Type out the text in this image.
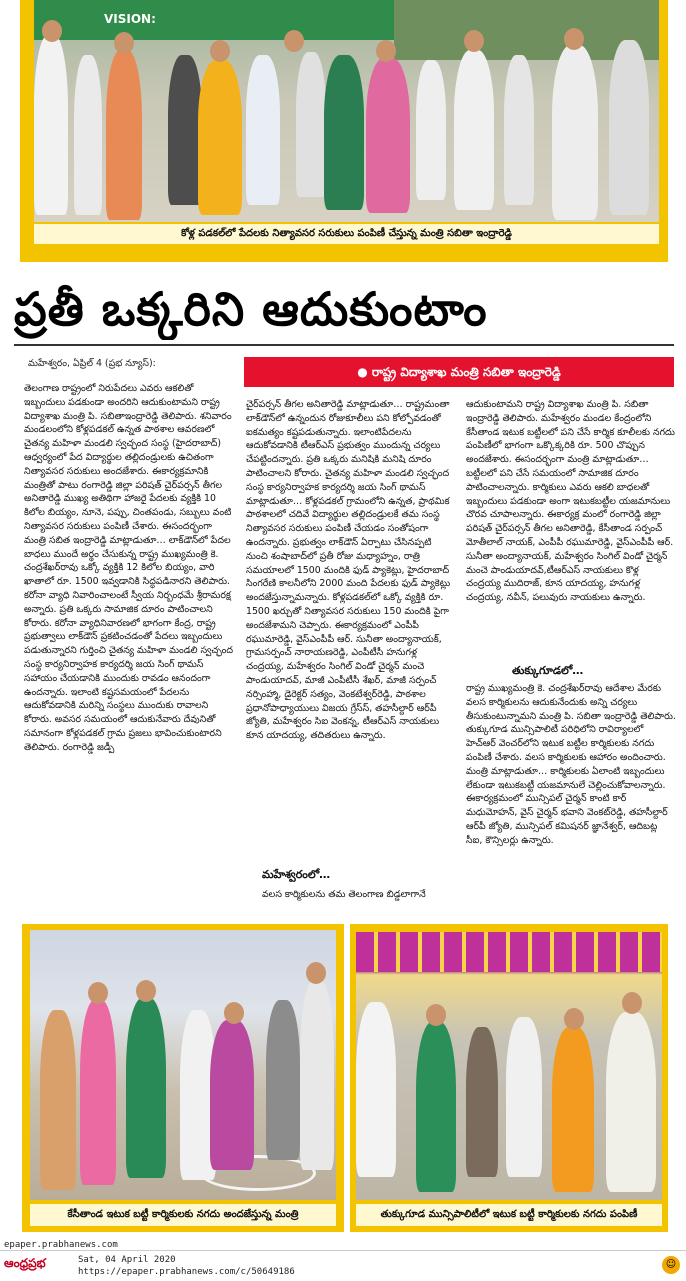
VISION:
కోళ్ల పడకల్‌లో పేదలకు నిత్యావసర సరుకులు పంపిణీ చేస్తున్న మంత్రి సబితా ఇంద్రారెడ్డి
ప్రతీ ఒక్కరిని ఆదుకుంటాం
మహేశ్వరం, ఏప్రిల్ 4 (ప్రభ న్యూస్):
● రాష్ట్ర విద్యాశాఖ మంత్రి సబితా ఇంద్రారెడ్డి
తెలంగాణ రాష్ట్రంలో నిరుపేదలు ఎవరు ఆకలితో ఇబ్బందులు పడకుండా అందరిని ఆదుకుంటామని రాష్ట్ర విద్యాశాఖ మంత్రి పి. సబితాఇంద్రారెడ్డి తెలిపారు. శనివారం మండలంలోని కోళ్లపడకల్ ఉన్నత పాఠశాల ఆవరణలో చైతన్య మహిళా మండలి స్వచ్ఛంద సంస్థ (హైదరాబాద్) ఆధ్వర్యంలో పేద విద్యార్థుల తల్లిదండ్రులకు ఉచితంగా నిత్యావసర సరుకులు అందజేశారు. ఈకార్యక్రమానికి మంత్రితో పాటు రంగారెడ్డి జిల్లా పరిషత్ చైర్‌పర్సన్ తీగల అనితారెడ్డి ముఖ్య అతిథిగా హాజరై పేదలకు వ్యక్తికి 10 కిలోల బియ్యం, నూనె, పప్పు, చింతపండు, సబ్బులు వంటి నిత్యావసర సరుకులు పంపిణీ చేశారు. ఈసందర్భంగా మంత్రి సబిత ఇంద్రారెడ్డి మాట్లాడుతూ… లాక్‌డౌన్‌లో పేదల బాధలు ముందే అర్థం చేసుకున్న రాష్ట్ర ముఖ్యమంత్రి కె. చంద్రశేఖర్‌రావు ఒక్కో వ్యక్తికి 12 కిలోల బియ్యం, వారి ఖాతాలో రూ. 1500 ఇవ్వడానికి సిద్ధపడినారని తెలిపారు. కరోనా వ్యాధి నివారించాలంటే స్వీయ నిర్బంధమే శ్రీరామరక్ష అన్నారు. ప్రతి ఒక్కరు సామాజిక దూరం పాటించాలని కోరారు. కరోనా వ్యాధినివారణలో భాగంగా కేంద్ర, రాష్ట్ర ప్రభుత్వాలు లాక్‌డౌన్ ప్రకటించడంతో పేదలు ఇబ్బందులు పడుతున్నారని గుర్తించి చైతన్య మహిళా మండలి స్వచ్ఛంద సంస్థ కార్యనిర్వాహక కార్యదర్శి జయ సింగ్ థామస్ సహాయం చేయడానికి ముందుకు రావడం ఆనందంగా ఉందన్నారు. ఇలాంటి కష్టసమయంలో పేదలను ఆదుకోవడానికి మరిన్ని సంస్థలు ముందుకు రావాలని కోరారు. అవసర సమయంలో ఆదుకునేవారు దేవునితో సమానంగా కోళ్లపడకల్ గ్రామ ప్రజలు భావించుకుంటారని తెలిపారు. రంగారెడ్డి జడ్పీ
చైర్‌పర్సన్ తీగల అనితారెడ్డి మాట్లాడుతూ… రాష్ట్రమంతా లాక్‌డౌన్‌లో ఉన్నందున రోజుకూలీలు పని కోల్పోవడంతో ఐకమత్యం కష్టపడుతున్నారు. ఇలాంటిపేదలను ఆదుకోవడానికి టీఆర్‌ఎస్ ప్రభుత్వం ముందున్న చర్యలు చేపట్టిందన్నారు. ప్రతి ఒక్కరు మనిషికి మనిషి దూరం పాటించాలని కోరారు. చైతన్య మహిళా మండలి స్వచ్ఛంద సంస్థ కార్యనిర్వాహక కార్యదర్శి జయ సింగ్ థామస్ మాట్లాడుతూ… కోళ్లపడకల్ గ్రామంలోని ఉన్నత, ప్రాథమిక పాఠశాలలో చదివే విద్యార్థుల తల్లిదండ్రులకే తమ సంస్థ నిత్యావసర సరుకులు పంపిణీ చేయడం సంతోషంగా ఉందన్నారు. ప్రభుత్వం లాక్‌డౌన్ ఏర్పాటు చేసినప్పటి నుంచి శంషాబాద్‌లో ప్రతీ రోజు మధ్యాహ్నం, రాత్రి సమయాలలో 1500 మందికి ఫుడ్ ప్యాకెట్లు, హైదరాబాద్ సింగరేణి కాలనీలోని 2000 మంది పేదలకు ఫుడ్ ప్యాకెట్లు అందజేస్తున్నామన్నారు. కోళ్లపడకల్‌లో ఒక్కో వ్యక్తికి రూ. 1500 ఖర్చుతో నిత్యావసర సరుకులు 150 మందికి పైగా అందజేశామని చెప్పారు. ఈకార్యక్రమంలో ఎంపీపీ రఘుమారెడ్డి, వైస్‌ఎంపీపీ ఆర్. సునీతా అంద్యానాయక్, గ్రామసర్పంచ్ నారాయణరెడ్డి, ఎంపీటీసీ హనుగళ్ల చంద్రయ్య, మహేశ్వరం సింగిల్ విండో చైర్మన్ మంచె పాండుయాదవ్, మాజీ ఎంపీటీసీ శేఖర్, మాజీ సర్పంచ్ నర్సింహ్మా, డైరెక్టర్ సత్యం, వెంకటేశ్వర్‌రెడ్డి, పాఠశాల ప్రధానోపాధ్యాయులు విజయ గ్రేస్‌స్, తహసీల్దార్ ఆర్‌పీ జ్యోతి, మహేశ్వరం సిఐ వెంకన్న, టీఆర్‌ఎస్ నాయకులు కూన యాదయ్య, తదితరులు ఉన్నారు.
మహేశ్వరంలో…
వలస కార్మికులను తమ తెలంగాణ బిడ్డలాగానే
ఆదుకుంటామని రాష్ట్ర విద్యాశాఖ మంత్రి పి. సబితా ఇంద్రారెడ్డి తెలిపారు. మహేశ్వరం మండల కేంద్రంలోని కేసీతాండ ఇటుక బట్టీలలో పని చేసే కార్మిక కూలీలకు నగదు పంపిణీలో భాగంగా ఒక్కొక్కరికి రూ. 500 చొప్పున అందజేశారు. ఈసందర్భంగా మంత్రి మాట్లాడుతూ… బట్టీలలో పని చేసే సమయంలో సామాజిక దూరం పాటించాలన్నారు. కార్మికులు ఎవరు ఆకలి బాధలతో ఇబ్బందులు పడకుండా అంగా ఇటుకబట్టీల యజమానులు చొరవ చూపాలన్నారు. ఈకార్యక్ర మంలో రంగారెడ్డి జిల్లా పరిషత్ చైర్‌పర్సన్ తీగల అనితారెడ్డి, కేసీతాండ సర్పంచ్ మోతీలాల్ నాయక్, ఎంపీపీ రఘుమారెడ్డి, వైస్‌ఎంపీపీ ఆర్. సునీతా అంద్యానాయక్, మహేశ్వరం సింగిల్ విండో చైర్మన్ మంచె పాండుయాదవ్,టీఆర్‌ఎస్ నాయకులు కొళ్ల చంద్రయ్య ముదిరాజ్, కూన యాదయ్య, హనుగళ్ల చంద్రయ్య, నవీన్, పలువురు నాయకులు ఉన్నారు.
తుక్కుగూడలో…
రాష్ట్ర ముఖ్యమంత్రి కె. చంద్రశేఖర్‌రావు ఆదేశాల మేరకు వలస కార్మికులను ఆదుకునేందుకు అన్ని చర్యలు తీసుకుంటున్నామని మంత్రి పి. సబితా ఇంద్రారెడ్డి తెలిపారు. తుక్కుగూడ మున్సిపాలిటీ పరిధిలోని రావిర్యాలలో హెచ్ఆర్ వెంచర్‌లోని ఇటుక బట్టీల కార్మికులకు నగదు పంపిణీ చేశారు. వలస కార్మికులకు ఆహారం అందించారు. మంత్రి మాట్లాడుతూ… కార్మికులకు ఏలాంటి ఇబ్బందులు లేకుండా ఇటుకబట్టీ యజమానులే చెల్లించుకోవాలన్నారు. ఈకార్యక్రమంలో మున్సిపల్ చైర్మన్ కాంటి కార్ మధుమోహన్, వైస్ చైర్మన్ భవాని వెంకట్‌రెడ్డి, తహసీల్దార్ ఆర్‌పీ జ్యోతి, మున్సిపల్ కమిషనర్ జ్ఞానేశ్వర్, ఆదిబట్ల సీఐ, కౌన్సిలర్లు ఉన్నారు.
కేసీతాండ ఇటుక బట్టీ కార్మికులకు నగదు అందజేస్తున్న మంత్రి	తుక్కుగూడ మున్సిపాలిటీలో ఇటుక బట్టీ కార్మికులకు నగదు పంపిణీ
epaper.prabhanews.com
ఆంధ్రప్రభ	Sat, 04 April 2020
https://epaper.prabhanews.com/c/50649186
☺
